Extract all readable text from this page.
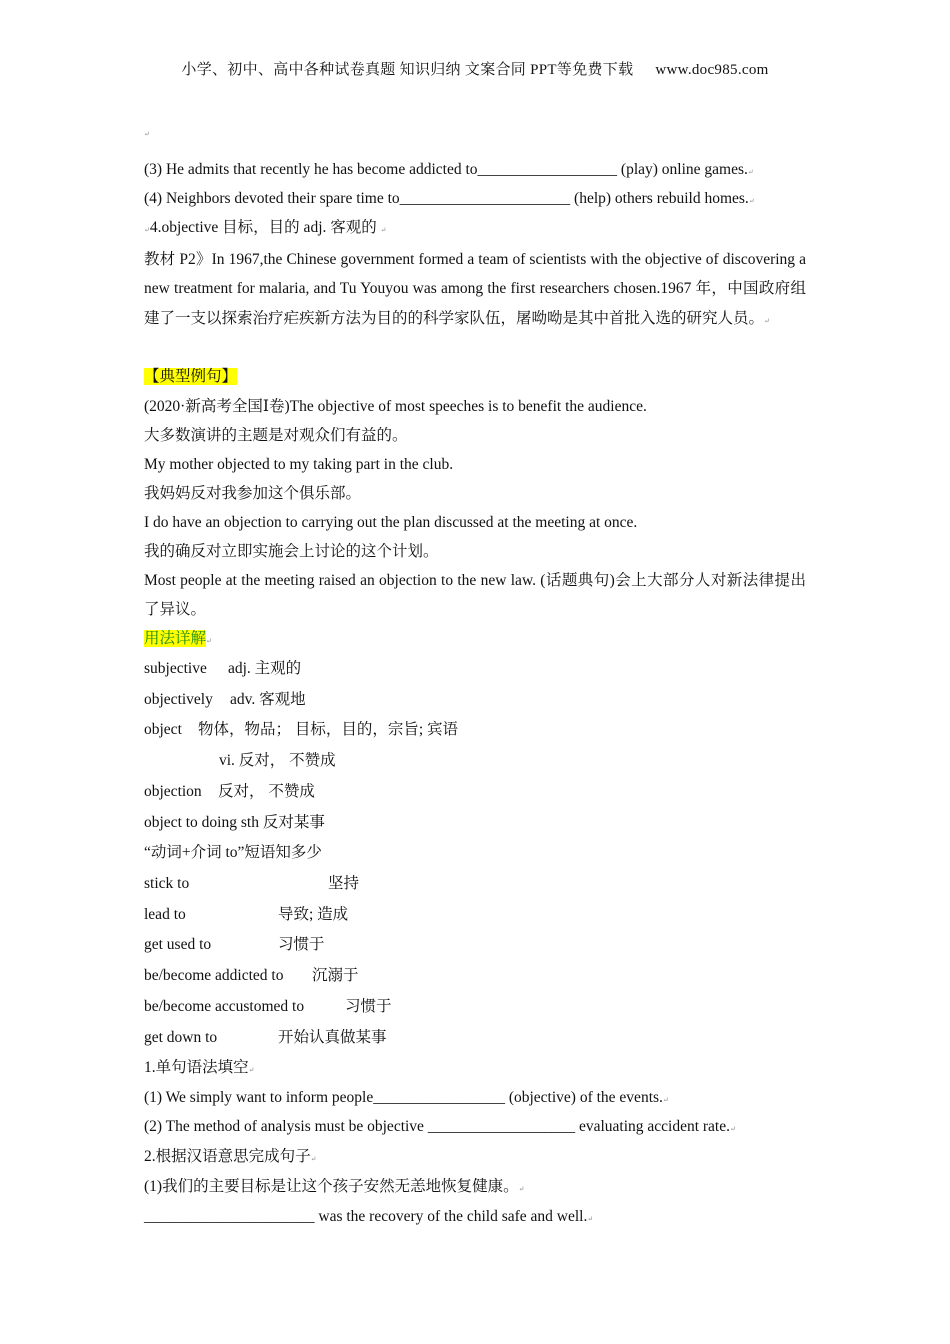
小学、初中、高中各种试卷真题 知识归纳 文案合同 PPT等免费下载 www.doc985.com
↵
(3) He admits that recently he has become addicted to__________________ (play) online games.↵
(4) Neighbors devoted their spare time to______________________ (help) others rebuild homes.↵
↵4.objective 目标，目的 adj. 客观的 ↵
教材 P2》In 1967,the Chinese government formed a team of scientists with the objective of discovering a new treatment for malaria, and Tu Youyou was among the first researchers chosen.1967 年，中国政府组建了一支以探索治疗疟疾新方法为目的的科学家队伍，屠呦呦是其中首批入选的研究人员。↵
【典型例句】
(2020·新高考全国Ⅰ卷)The objective of most speeches is to benefit the audience.
大多数演讲的主题是对观众们有益的。
My mother objected to my taking part in the club.
我妈妈反对我参加这个俱乐部。
I do have an objection to carrying out the plan discussed at the meeting at once.
我的确反对立即实施会上讨论的这个计划。
Most people at the meeting raised an objection to the new law. (话题典句)会上大部分人对新法律提出了异议。
用法详解↵
subjective adj. 主观的
objectively adv. 客观地
object 物体，物品； 目标，目的，宗旨; 宾语
vi. 反对， 不赞成
objection 反对， 不赞成
object to doing sth 反对某事
“动词+介词 to”短语知多少
stick to	坚持
lead to	导致; 造成
get used to	习惯于
be/become addicted to 沉溺于
be/become accustomed to	习惯于
get down to	开始认真做某事
1.单句语法填空↵
(1) We simply want to inform people_________________ (objective) of the events.↵
(2) The method of analysis must be objective ___________________ evaluating accident rate.↵
2.根据汉语意思完成句子↵
(1)我们的主要目标是让这个孩子安然无恙地恢复健康。↵
______________________ was the recovery of the child safe and well.↵
